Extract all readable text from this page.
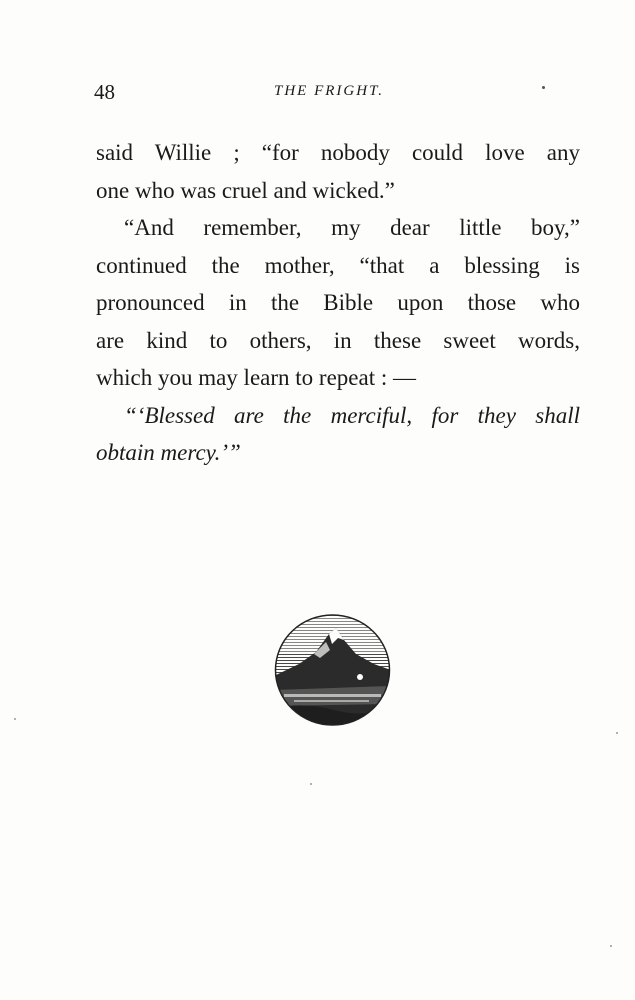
48	THE FRIGHT.
said Willie ; “for nobody could love any
one who was cruel and wicked.”
“And remember, my dear little boy,”
continued the mother, “that a blessing is
pronounced in the Bible upon those who
are kind to others, in these sweet words,
which you may learn to repeat : —
“‘Blessed are the merciful, for they shall
obtain mercy.’”
